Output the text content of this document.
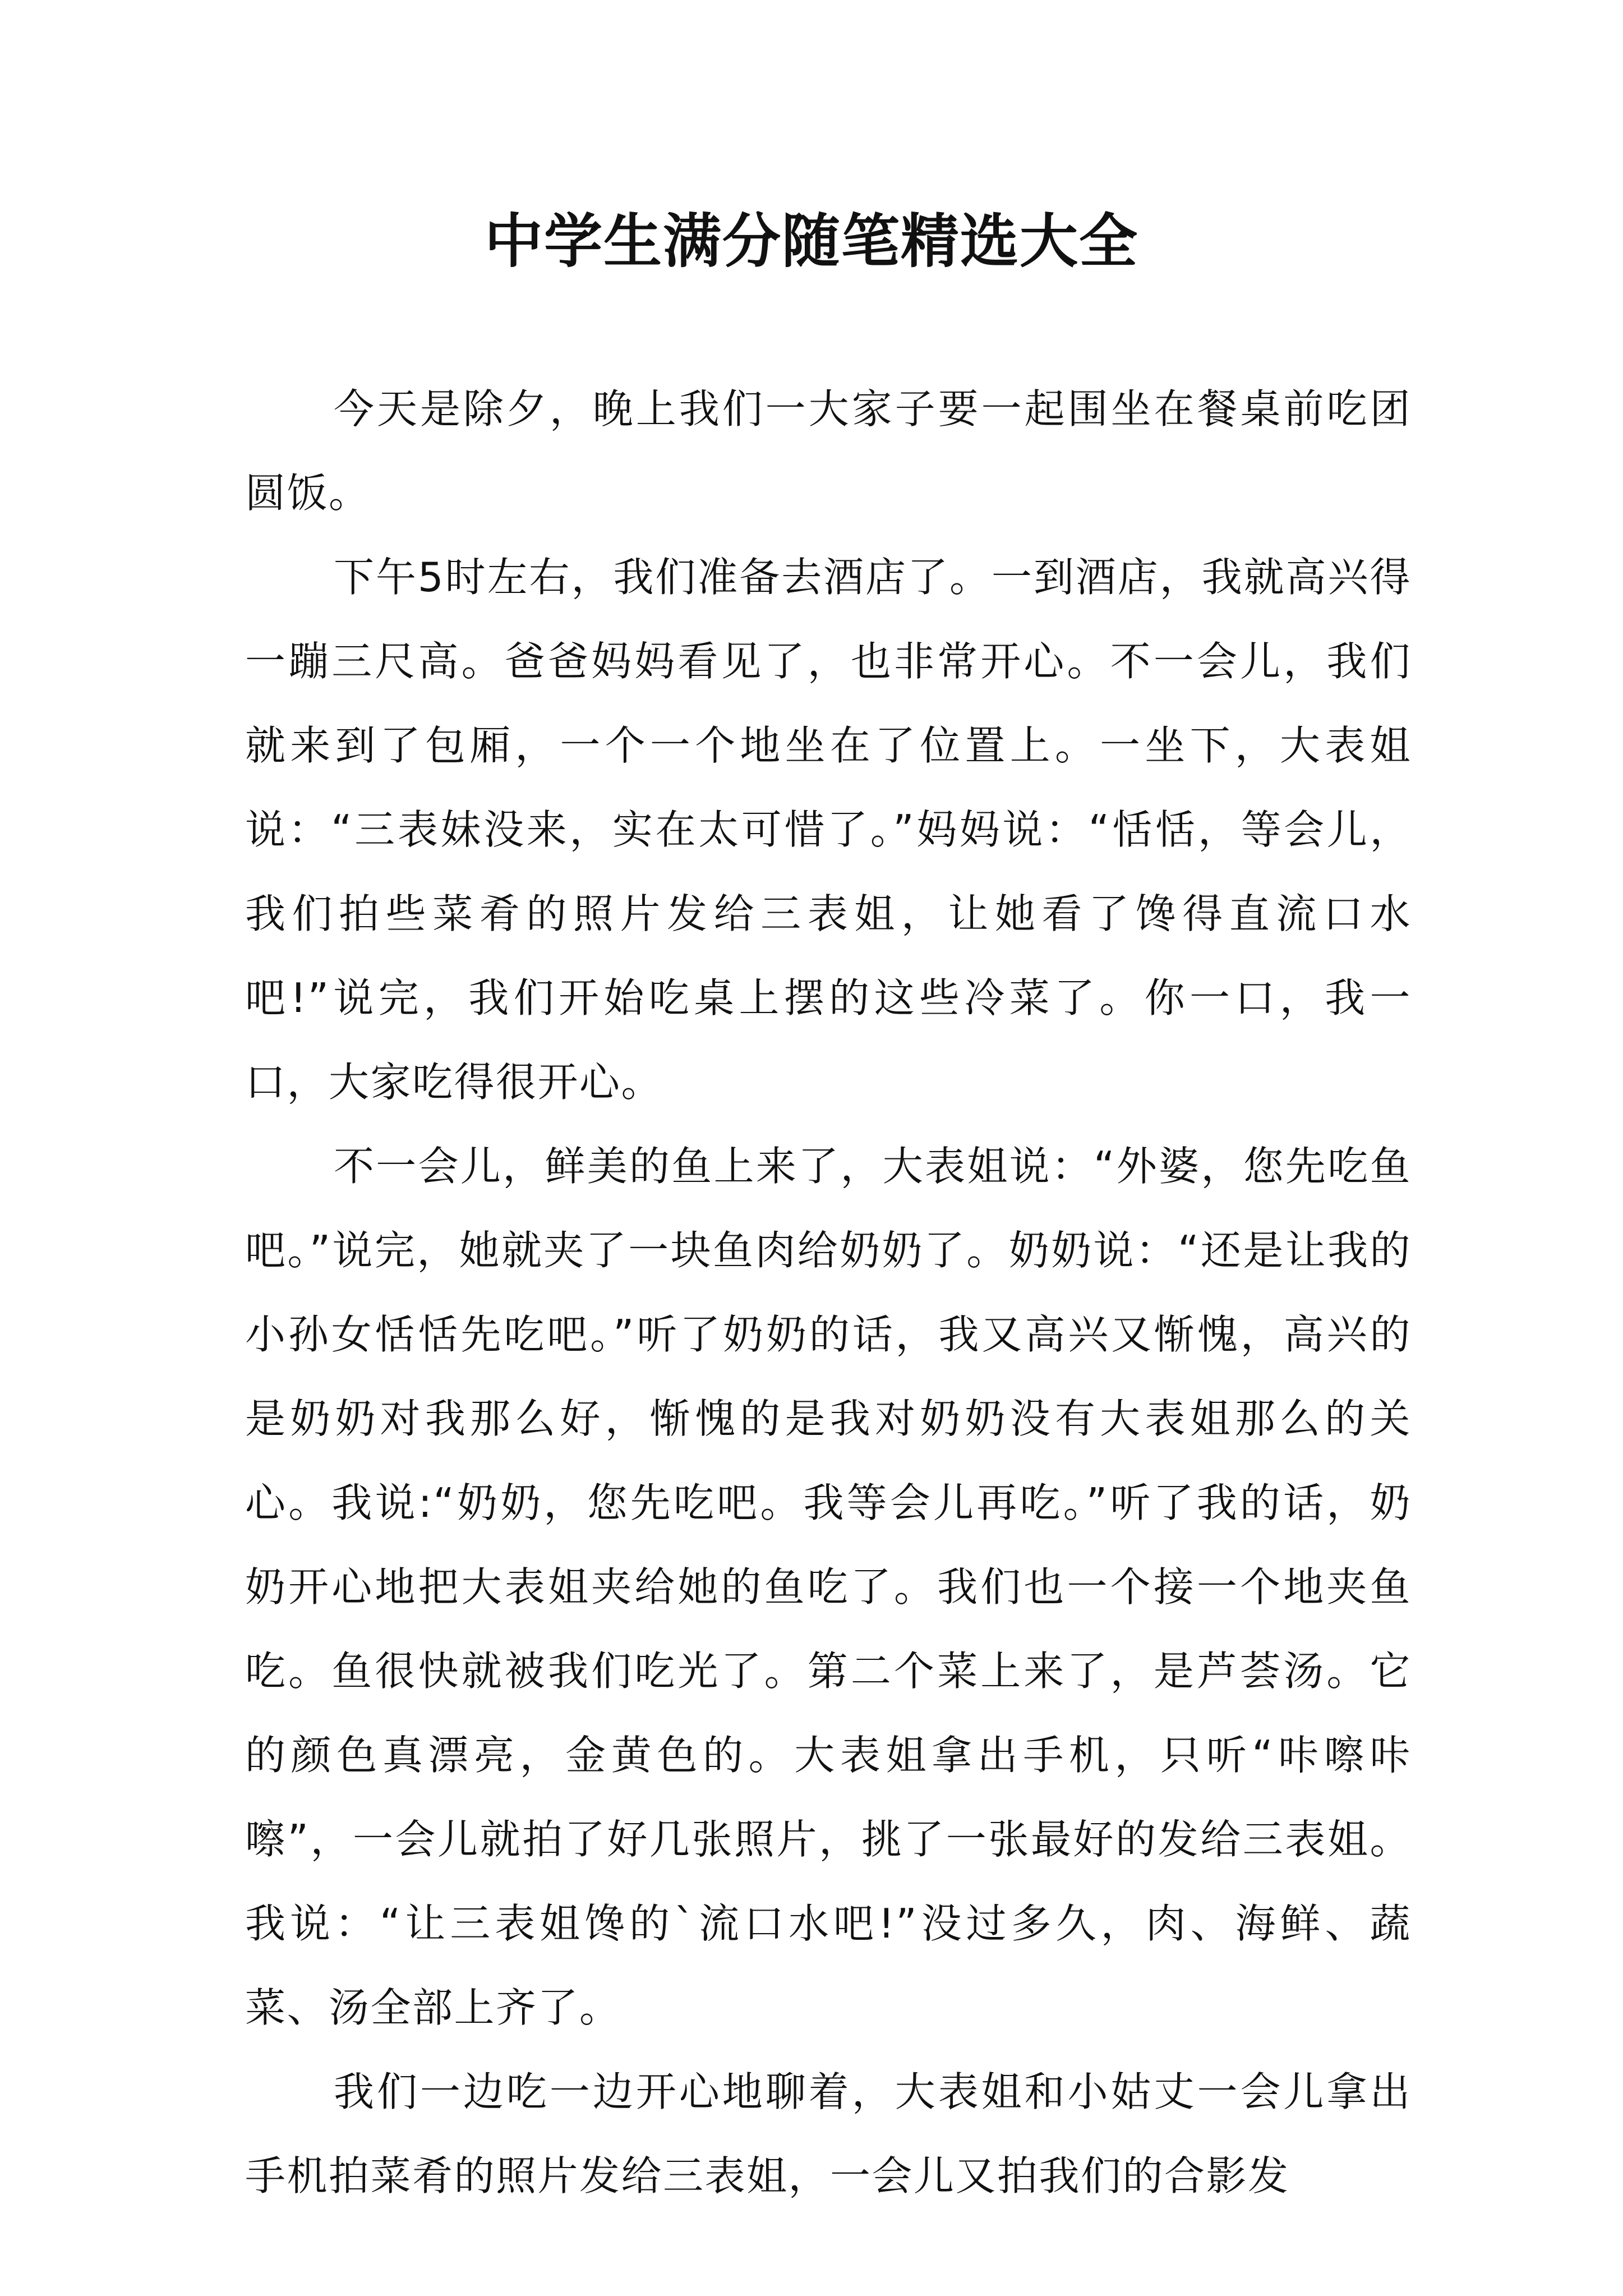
中学生满分随笔精选大全

今天是除夕，晚上我们一大家子要一起围坐在餐桌前吃团圆饭。

下午5时左右，我们准备去酒店了。一到酒店，我就高兴得一蹦三尺高。爸爸妈妈看见了，也非常开心。不一会儿，我们就来到了包厢，一个一个地坐在了位置上。一坐下，大表姐说：“三表妹没来，实在太可惜了。”妈妈说：“恬恬，等会儿，我们拍些菜肴的照片发给三表姐，让她看了馋得直流口水吧!”说完，我们开始吃桌上摆的这些冷菜了。你一口，我一口，大家吃得很开心。

不一会儿，鲜美的鱼上来了，大表姐说：“外婆，您先吃鱼吧。”说完，她就夹了一块鱼肉给奶奶了。奶奶说：“还是让我的小孙女恬恬先吃吧。”听了奶奶的话，我又高兴又惭愧，高兴的是奶奶对我那么好，惭愧的是我对奶奶没有大表姐那么的关心。我说:“奶奶，您先吃吧。我等会儿再吃。”听了我的话，奶奶开心地把大表姐夹给她的鱼吃了。我们也一个接一个地夹鱼吃。鱼很快就被我们吃光了。第二个菜上来了，是芦荟汤。它的颜色真漂亮，金黄色的。大表姐拿出手机，只听“咔嚓咔嚓”，一会儿就拍了好几张照片，挑了一张最好的发给三表姐。我说：“让三表姐馋的`流口水吧!”没过多久，肉、海鲜、蔬菜、汤全部上齐了。

我们一边吃一边开心地聊着，大表姐和小姑丈一会儿拿出手机拍菜肴的照片发给三表姐，一会儿又拍我们的合影发
